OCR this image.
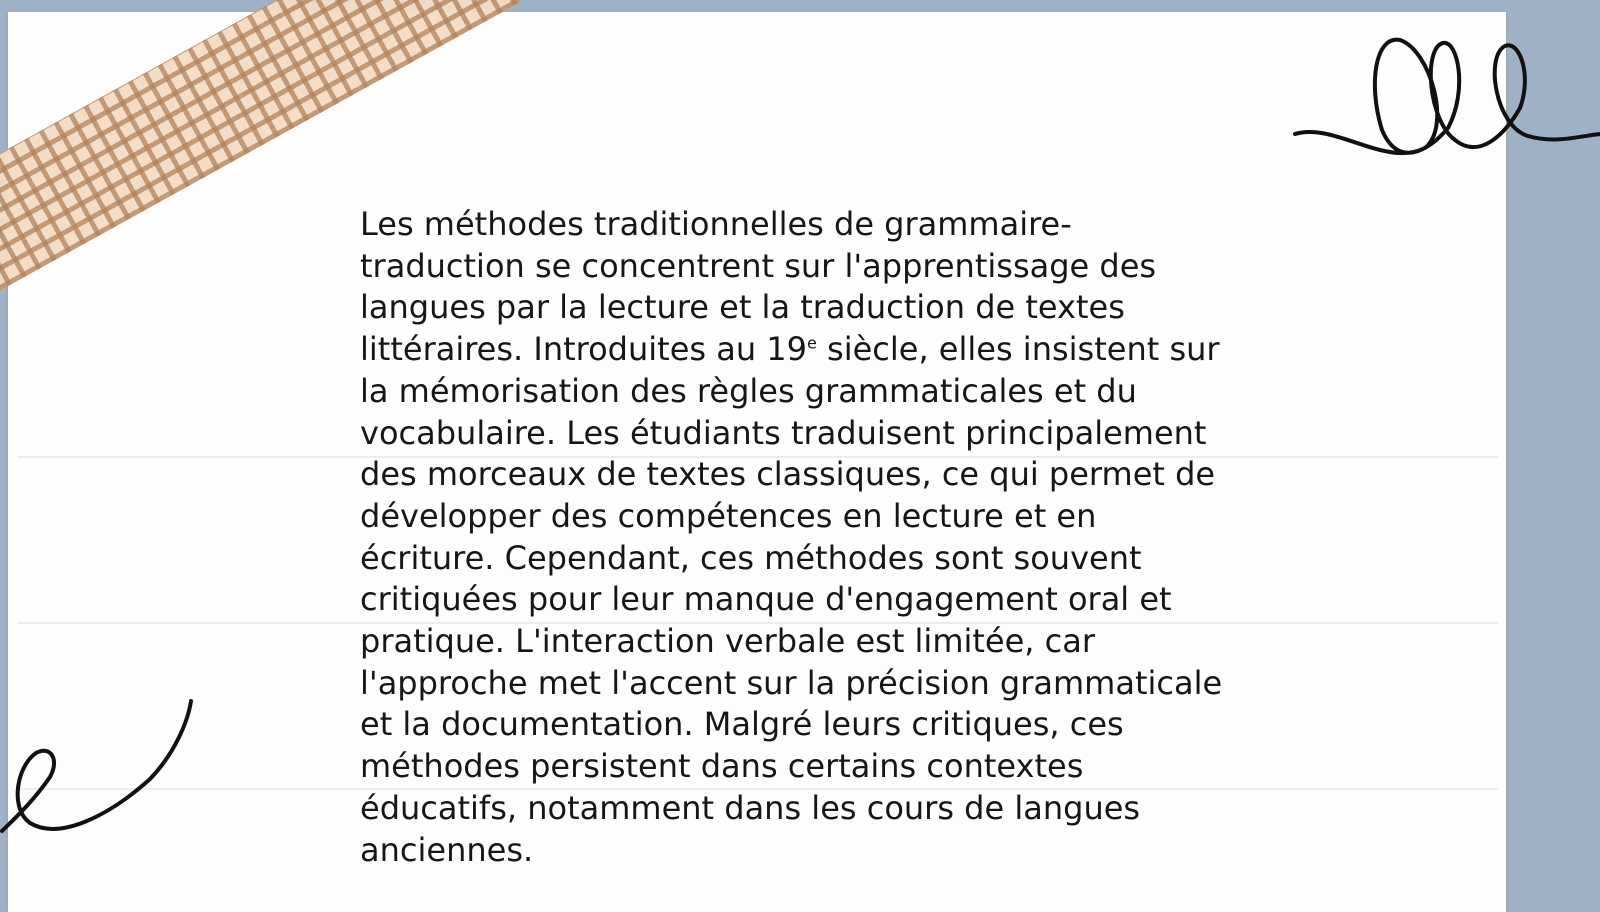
Les méthodes traditionnelles de grammaire-
traduction se concentrent sur l'apprentissage des
langues par la lecture et la traduction de textes
littéraires. Introduites au 19e siècle, elles insistent sur
la mémorisation des règles grammaticales et du
vocabulaire. Les étudiants traduisent principalement
des morceaux de textes classiques, ce qui permet de
développer des compétences en lecture et en
écriture. Cependant, ces méthodes sont souvent
critiquées pour leur manque d'engagement oral et
pratique. L'interaction verbale est limitée, car
l'approche met l'accent sur la précision grammaticale
et la documentation. Malgré leurs critiques, ces
méthodes persistent dans certains contextes
éducatifs, notamment dans les cours de langues
anciennes.
